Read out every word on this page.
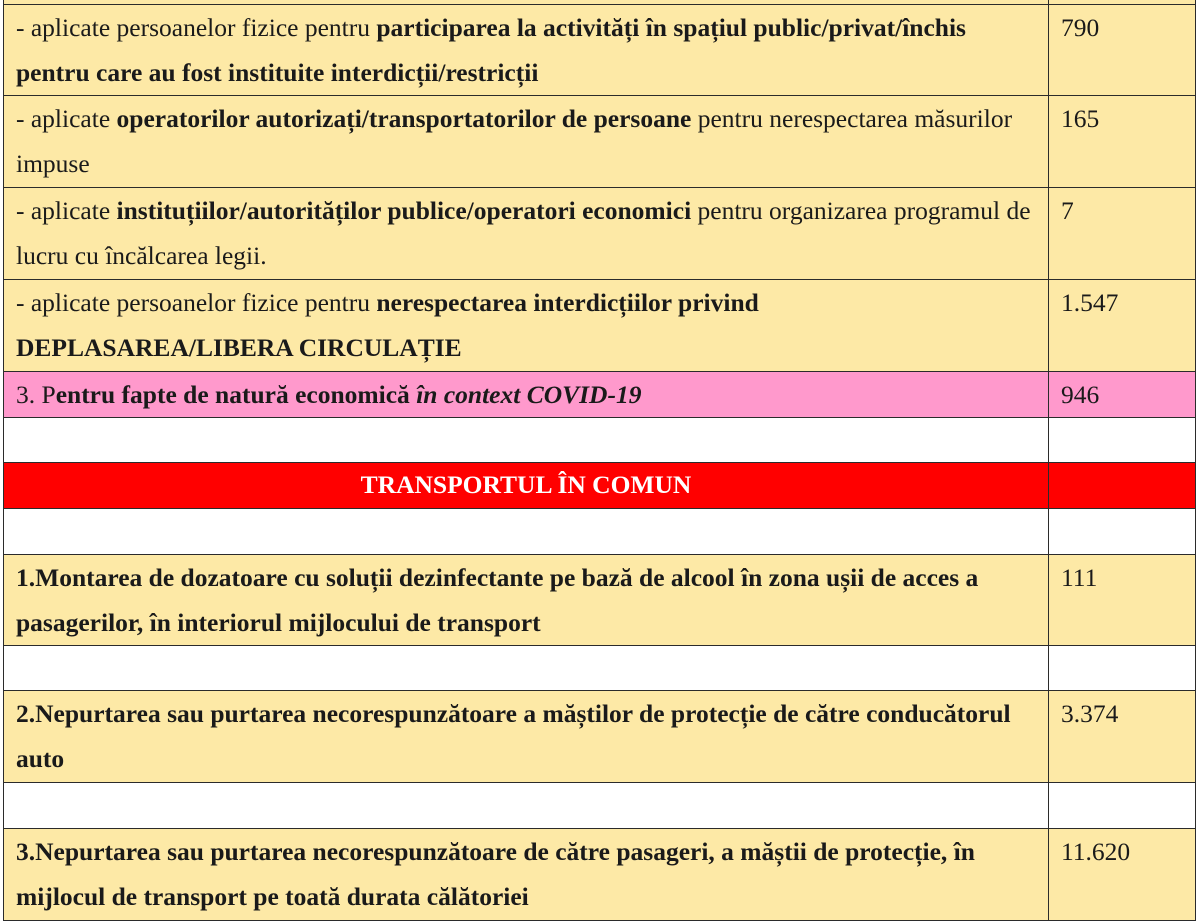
- aplicate persoanelor fizice pentru participarea la activități în spațiul public/privat/închis pentru care au fost instituite interdicții/restricții	790
- aplicate operatorilor autorizați/transportatorilor de persoane pentru nerespectarea măsurilor impuse	165
- aplicate instituțiilor/autorităților publice/operatori economici pentru organizarea programul de lucru cu încălcarea legii.	7
- aplicate persoanelor fizice pentru nerespectarea interdicțiilor privind DEPLASAREA/LIBERA CIRCULAȚIE	1.547
3. Pentru fapte de natură economică în context COVID-19	946

TRANSPORTUL ÎN COMUN	

1.Montarea de dozatoare cu soluții dezinfectante pe bază de alcool în zona ușii de acces a pasagerilor, în interiorul mijlocului de transport	111

2.Nepurtarea sau purtarea necorespunzătoare a măștilor de protecție de către conducătorul auto	3.374

3.Nepurtarea sau purtarea necorespunzătoare de către pasageri, a măștii de protecție, în mijlocul de transport pe toată durata călătoriei	11.620
